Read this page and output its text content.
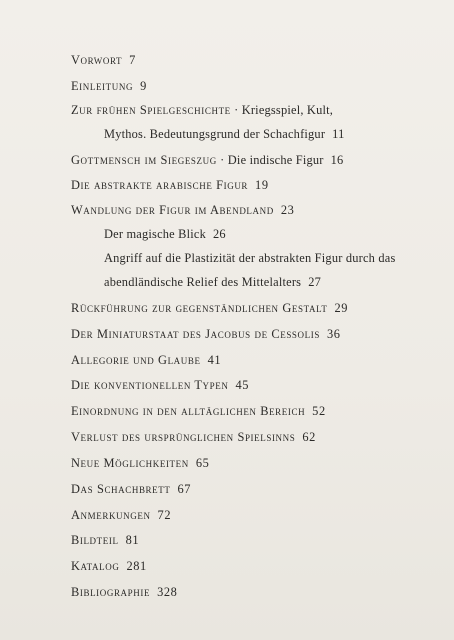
Vorwort 7
Einleitung 9
Zur frühen Spielgeschichte · Kriegsspiel, Kult,
Mythos. Bedeutungsgrund der Schachfigur 11
Gottmensch im Siegeszug · Die indische Figur 16
Die abstrakte arabische Figur 19
Wandlung der Figur im Abendland 23
Der magische Blick 26
Angriff auf die Plastizität der abstrakten Figur durch das
abendländische Relief des Mittelalters 27
Rückführung zur gegenständlichen Gestalt 29
Der Miniaturstaat des Jacobus de Cessolis 36
Allegorie und Glaube 41
Die konventionellen Typen 45
Einordnung in den alltäglichen Bereich 52
Verlust des ursprünglichen Spielsinns 62
Neue Möglichkeiten 65
Das Schachbrett 67
Anmerkungen 72
Bildteil 81
Katalog 281
Bibliographie 328
